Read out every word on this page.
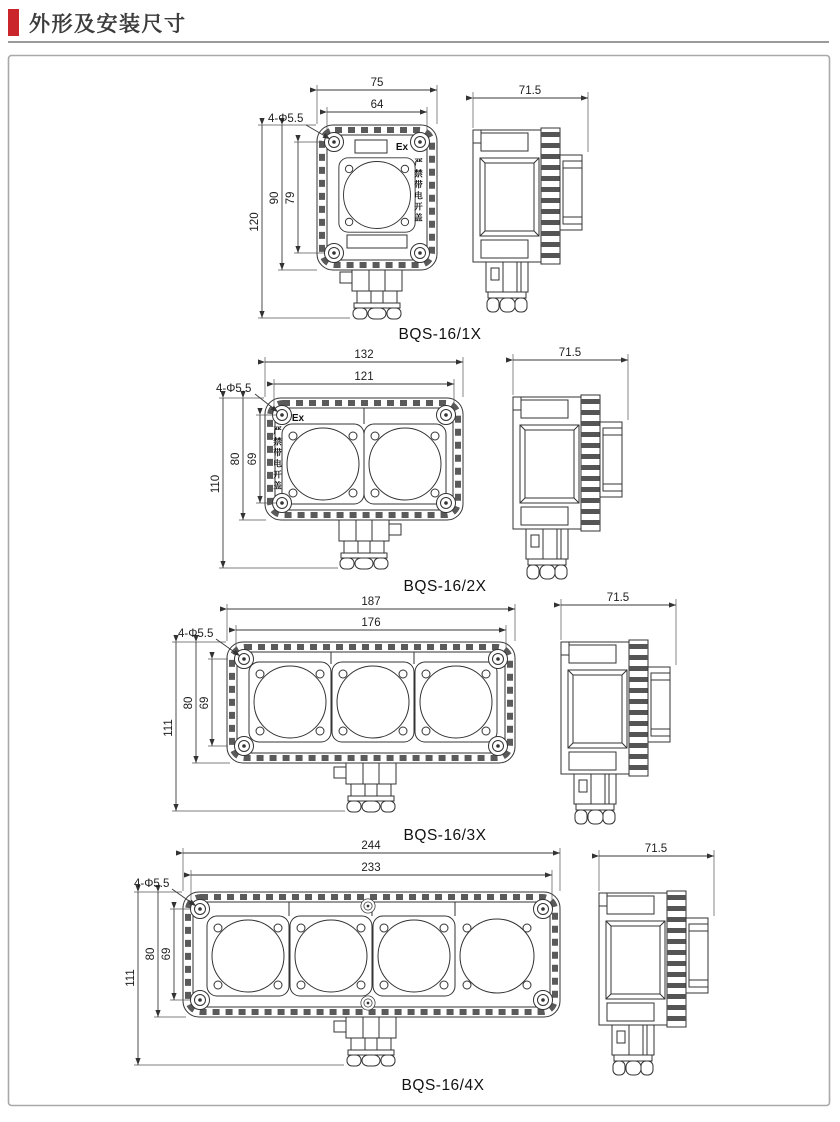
外形及安装尺寸
Ex
75
64
120
90 79
4-Φ5.5
71.5
BQS-16/1X
Ex
132
121
110
80 69
4-Φ5.5
71.5
BQS-16/2X
187
176
111
80 69
4-Φ5.5
71.5
BQS-16/3X
244
233
111
80 69
4-Φ5.5
71.5
BQS-16/4X
严禁带电开盖
严禁带电开盖
